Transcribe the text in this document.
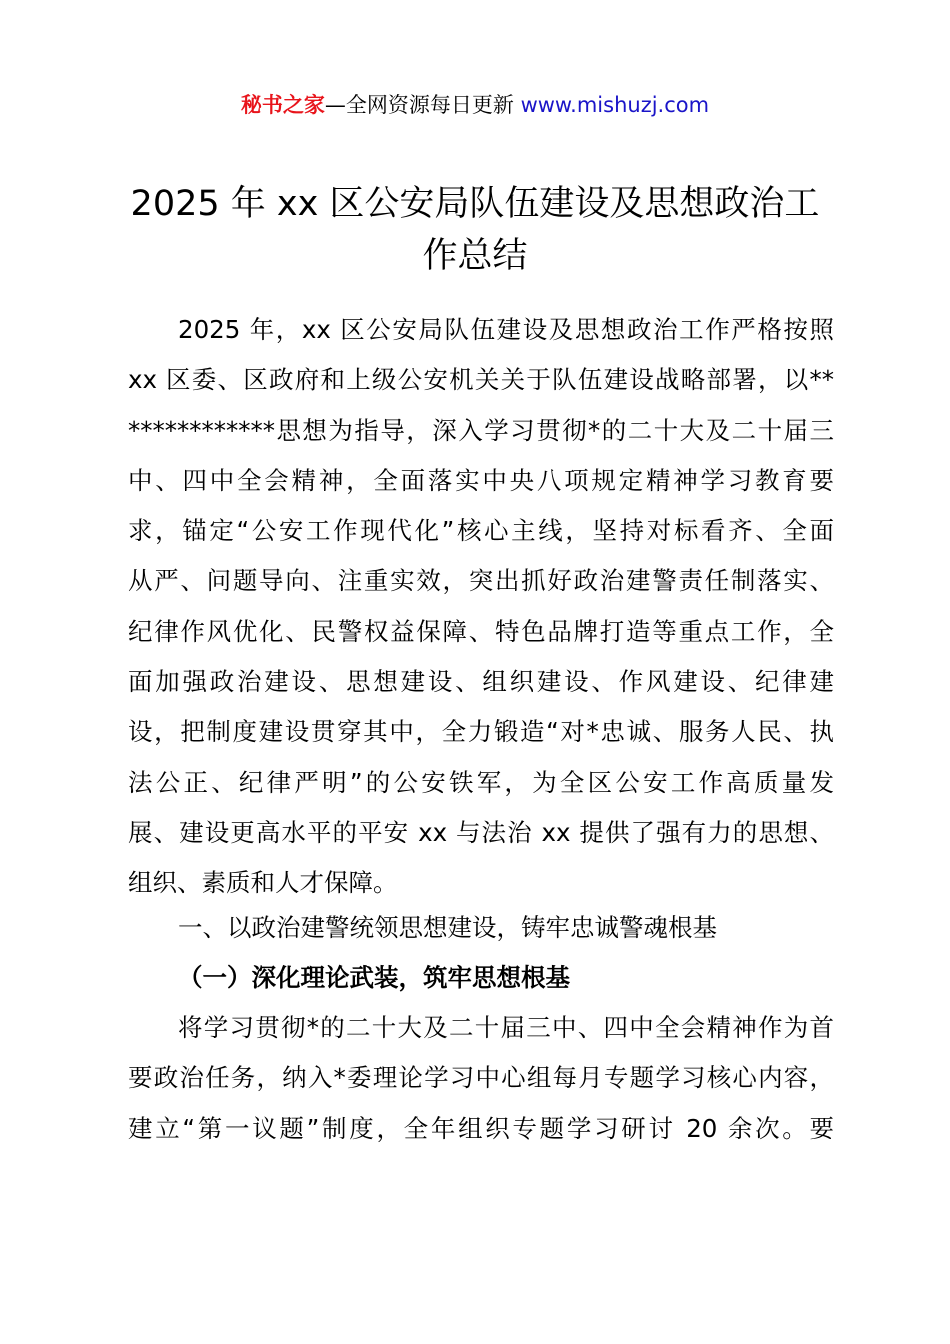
秘书之家—全网资源每日更新 www.mishuzj.com
2025 年 xx 区公安局队伍建设及思想政治工
作总结
2025 年，xx 区公安局队伍建设及思想政治工作严格按照
xx 区委、区政府和上级公安机关关于队伍建设战略部署，以**
************思想为指导，深入学习贯彻*的二十大及二十届三
中、四中全会精神，全面落实中央八项规定精神学习教育要
求，锚定“公安工作现代化”核心主线，坚持对标看齐、全面
从严、问题导向、注重实效，突出抓好政治建警责任制落实、
纪律作风优化、民警权益保障、特色品牌打造等重点工作，全
面加强政治建设、思想建设、组织建设、作风建设、纪律建
设，把制度建设贯穿其中，全力锻造“对*忠诚、服务人民、执
法公正、纪律严明”的公安铁军，为全区公安工作高质量发
展、建设更高水平的平安 xx 与法治 xx 提供了强有力的思想、
组织、素质和人才保障。
一、以政治建警统领思想建设，铸牢忠诚警魂根基
（一）深化理论武装，筑牢思想根基
将学习贯彻*的二十大及二十届三中、四中全会精神作为首
要政治任务，纳入*委理论学习中心组每月专题学习核心内容，
建立“第一议题”制度，全年组织专题学习研讨 20 余次。要
